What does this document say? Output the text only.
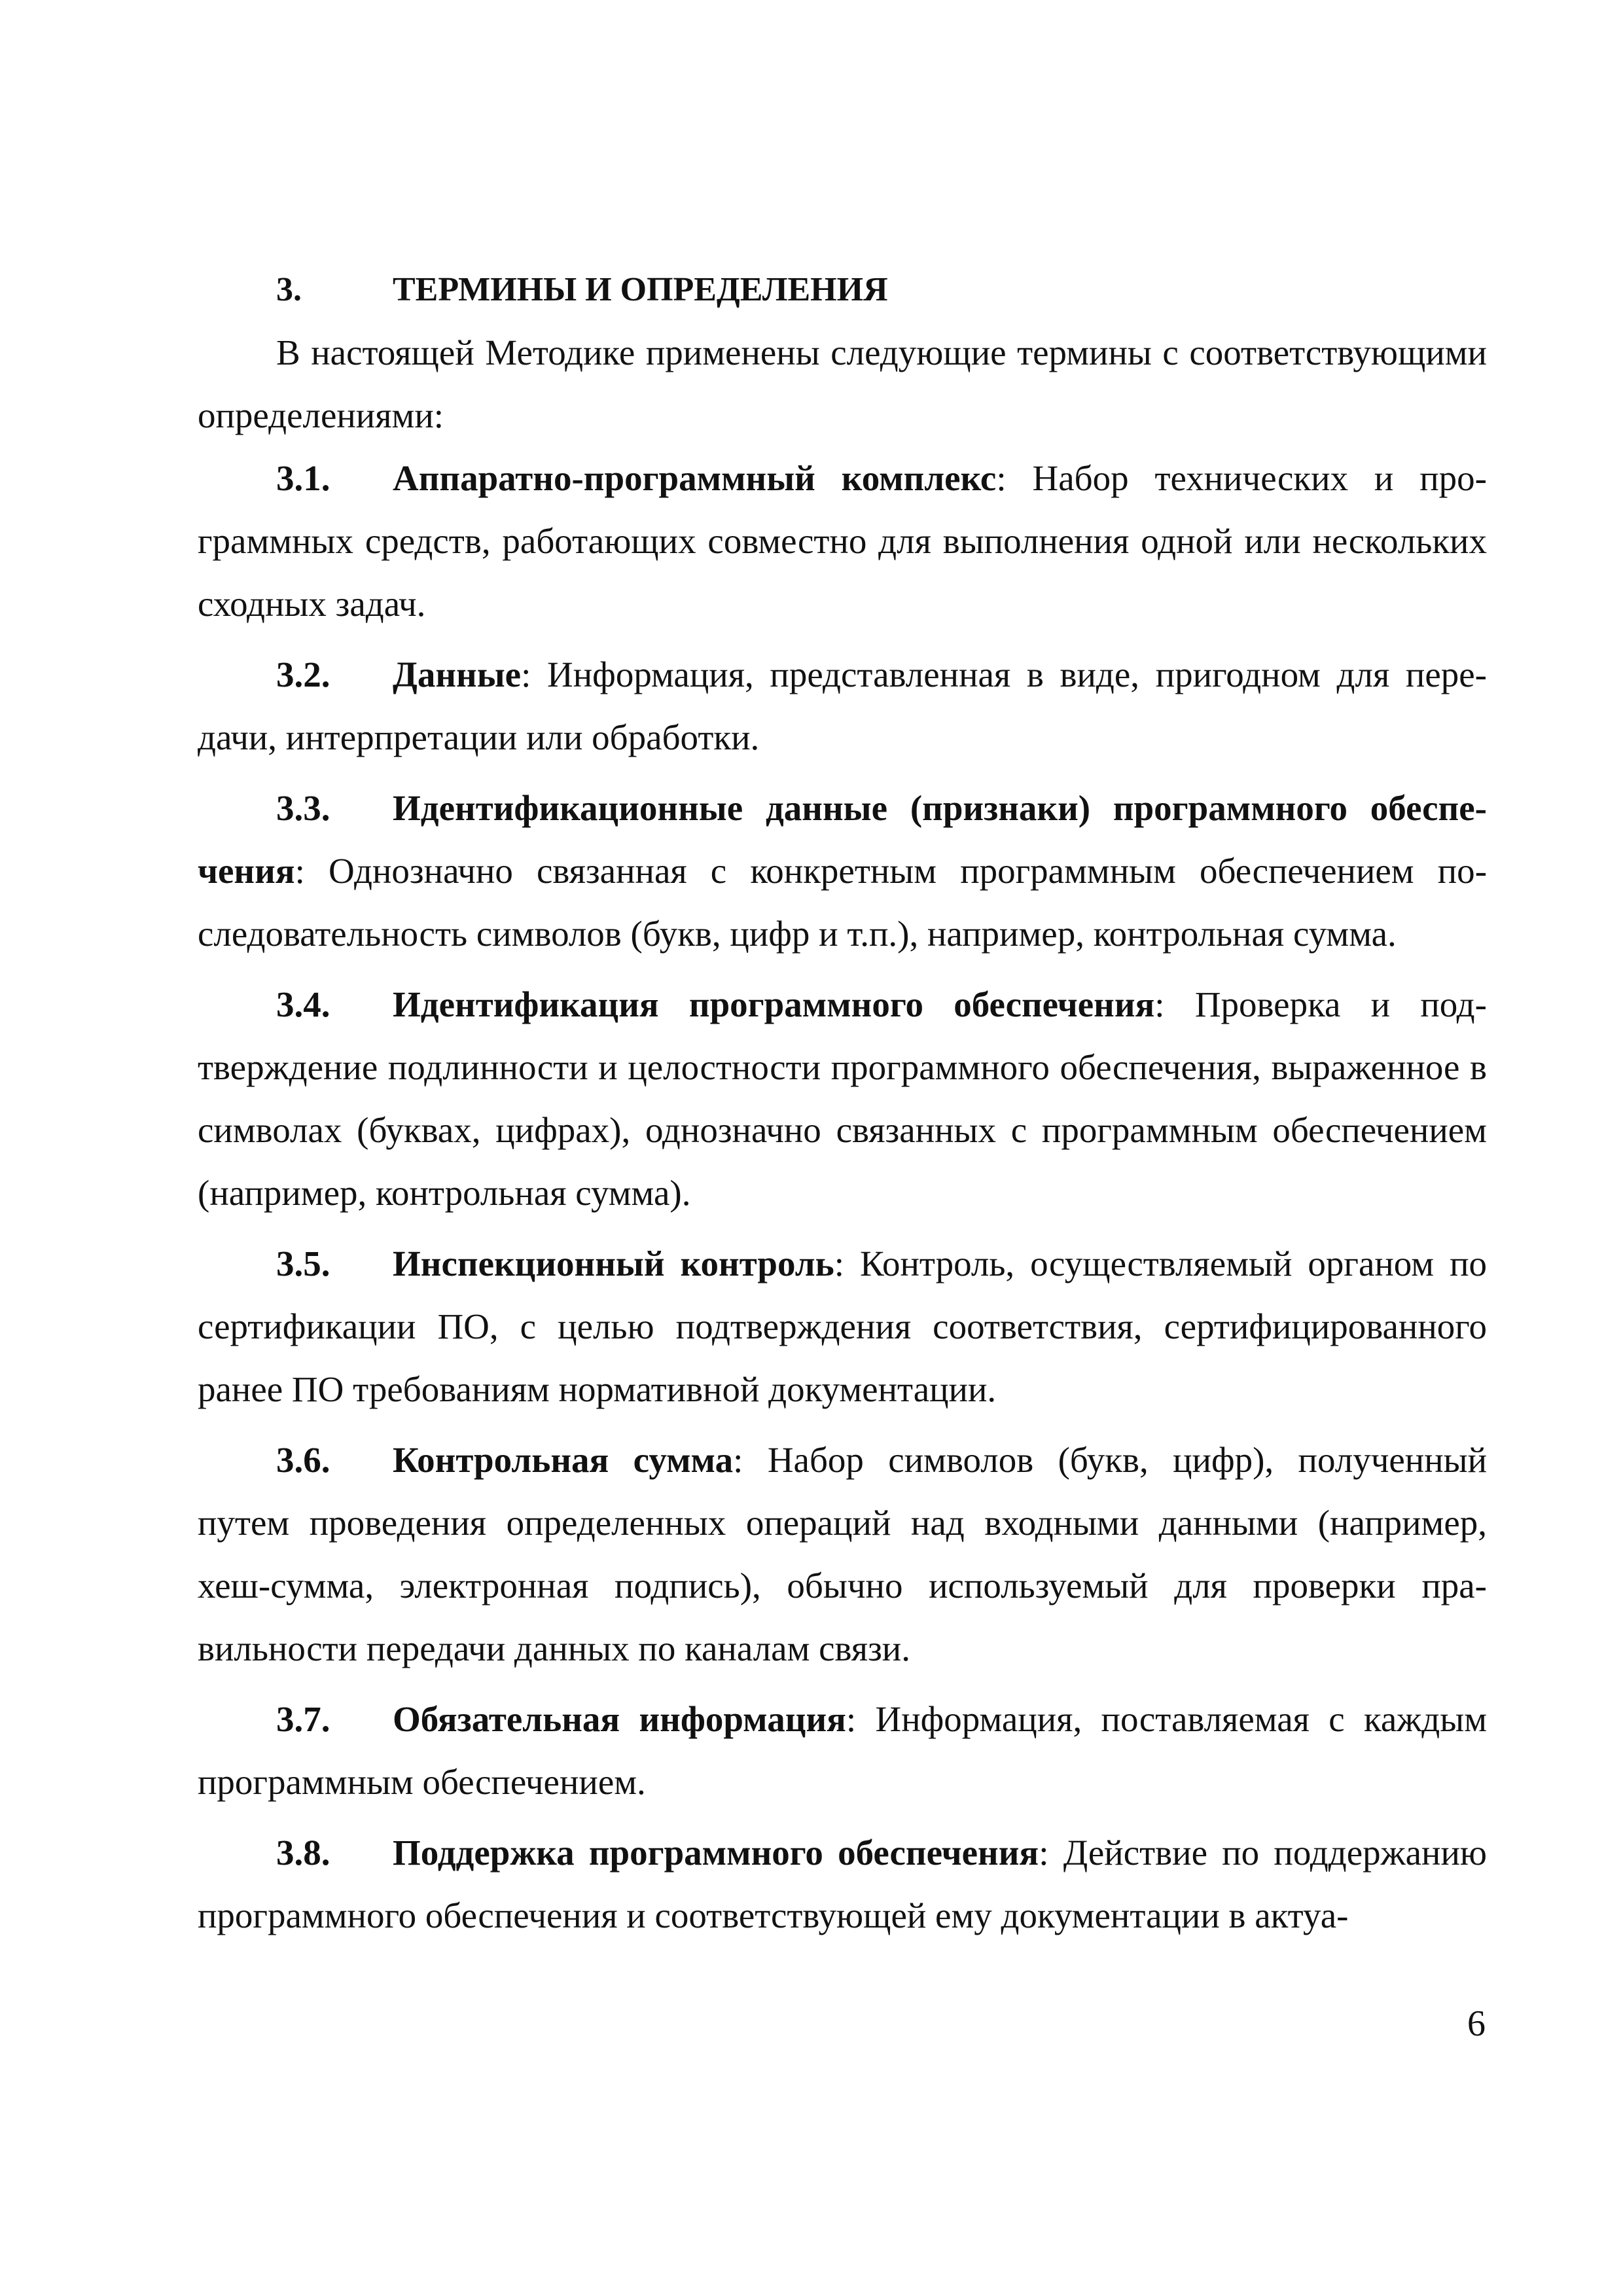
3.	ТЕРМИНЫ И ОПРЕДЕЛЕНИЯ

В настоящей Методике применены следующие термины с соответствующими определениями:

3.1. Аппаратно-программный комплекс: Набор технических и программных средств, работающих совместно для выполнения одной или нескольких сходных задач.

3.2. Данные: Информация, представленная в виде, пригодном для передачи, интерпретации или обработки.

3.3. Идентификационные данные (признаки) программного обеспечения: Однозначно связанная с конкретным программным обеспечением последовательность символов (букв, цифр и т.п.), например, контрольная сумма.

3.4. Идентификация программного обеспечения: Проверка и подтверждение подлинности и целостности программного обеспечения, выраженное в символах (буквах, цифрах), однозначно связанных с программным обеспечением (например, контрольная сумма).

3.5. Инспекционный контроль: Контроль, осуществляемый органом по сертификации ПО, с целью подтверждения соответствия, сертифицированного ранее ПО требованиям нормативной документации.

3.6. Контрольная сумма: Набор символов (букв, цифр), полученный путем проведения определенных операций над входными данными (например, хеш-сумма, электронная подпись), обычно используемый для проверки правильности передачи данных по каналам связи.

3.7. Обязательная информация: Информация, поставляемая с каждым программным обеспечением.

3.8. Поддержка программного обеспечения: Действие по поддержанию программного обеспечения и соответствующей ему документации в актуа-

6
